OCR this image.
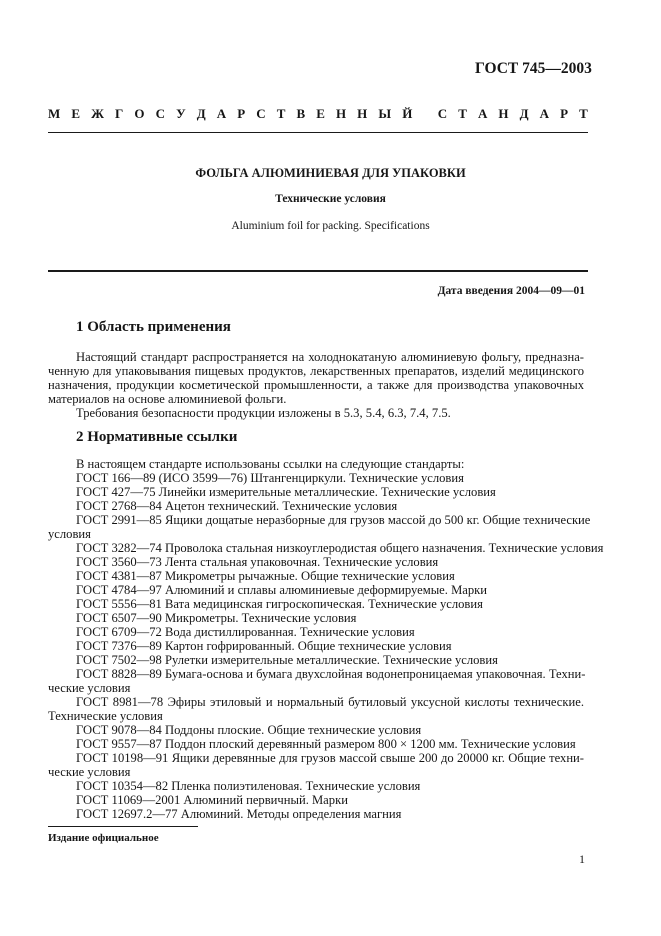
ГОСТ 745—2003
М Е Ж Г О С У Д А Р С Т В Е Н Н Ы Й
С Т А Н Д А Р Т
ФОЛЬГА АЛЮМИНИЕВАЯ ДЛЯ УПАКОВКИ
Технические условия
Aluminium foil for packing. Specifications
Дата введения 2004—09—01
1 Область применения
Настоящий стандарт распространяется на холоднокатаную алюминиевую фольгу, предназна-
ченную для упаковывания пищевых продуктов, лекарственных препаратов, изделий медицинского
назначения, продукции косметической промышленности, а также для производства упаковочных
материалов на основе алюминиевой фольги.
Требования безопасности продукции изложены в 5.3, 5.4, 6.3, 7.4, 7.5.
2 Нормативные ссылки
В настоящем стандарте использованы ссылки на следующие стандарты:
ГОСТ 166—89 (ИСО 3599—76) Штангенциркули. Технические условия
ГОСТ 427—75 Линейки измерительные металлические. Технические условия
ГОСТ 2768—84 Ацетон технический. Технические условия
ГОСТ 2991—85 Ящики дощатые неразборные для грузов массой до 500 кг. Общие технические
условия
ГОСТ 3282—74 Проволока стальная низкоуглеродистая общего назначения. Технические условия
ГОСТ 3560—73 Лента стальная упаковочная. Технические условия
ГОСТ 4381—87 Микрометры рычажные. Общие технические условия
ГОСТ 4784—97 Алюминий и сплавы алюминиевые деформируемые. Марки
ГОСТ 5556—81 Вата медицинская гигроскопическая. Технические условия
ГОСТ 6507—90 Микрометры. Технические условия
ГОСТ 6709—72 Вода дистиллированная. Технические условия
ГОСТ 7376—89 Картон гофрированный. Общие технические условия
ГОСТ 7502—98 Рулетки измерительные металлические. Технические условия
ГОСТ 8828—89 Бумага-основа и бумага двухслойная водонепроницаемая упаковочная. Техни-
ческие условия
ГОСТ 8981—78 Эфиры этиловый и нормальный бутиловый уксусной кислоты технические.
Технические условия
ГОСТ 9078—84 Поддоны плоские. Общие технические условия
ГОСТ 9557—87 Поддон плоский деревянный размером 800 × 1200 мм. Технические условия
ГОСТ 10198—91 Ящики деревянные для грузов массой свыше 200 до 20000 кг. Общие техни-
ческие условия
ГОСТ 10354—82 Пленка полиэтиленовая. Технические условия
ГОСТ 11069—2001 Алюминий первичный. Марки
ГОСТ 12697.2—77 Алюминий. Методы определения магния
Издание официальное
1
